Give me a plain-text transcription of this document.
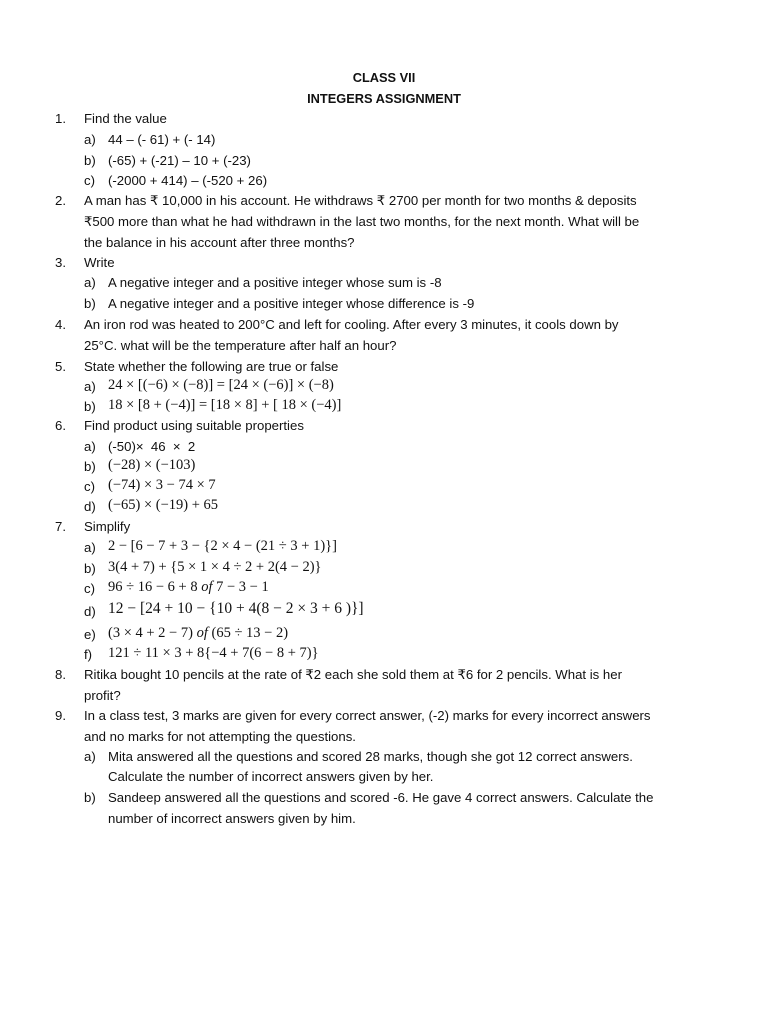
CLASS VII
INTEGERS ASSIGNMENT
1. Find the value
a) 44 – (- 61) + (- 14)
b) (-65) + (-21) – 10 + (-23)
c) (-2000 + 414) – (-520 + 26)
2. A man has ₹ 10,000 in his account. He withdraws ₹ 2700 per month for two months & deposits
₹500 more than what he had withdrawn in the last two months, for the next month. What will be
the balance in his account after three months?
3. Write
a) A negative integer and a positive integer whose sum is -8
b) A negative integer and a positive integer whose difference is -9
4. An iron rod was heated to 200°C and left for cooling. After every 3 minutes, it cools down by
25°C. what will be the temperature after half an hour?
5. State whether the following are true or false
a) 24 × [(−6) × (−8)] = [24 × (−6)] × (−8)
b) 18 × [8 + (−4)] = [18 × 8] + [ 18 × (−4)]
6. Find product using suitable properties
a) (-50)×  46  ×  2
b) (−28) × (−103)
c) (−74) × 3 − 74 × 7
d) (−65) × (−19) + 65
7. Simplify
a) 2 − [6 − 7 + 3 − {2 × 4 − (21 ÷ 3 + 1)}]
b) 3(4 + 7) + {5 × 1 × 4 ÷ 2 + 2(4 − 2)}
c) 96 ÷ 16 − 6 + 8 of 7 − 3 − 1
d) 12 − [24 + 10 − {10 + 4(8 − 2 × 3 + 6 )}]
e) (3 × 4 + 2 − 7) of (65 ÷ 13 − 2)
f) 121 ÷ 11 × 3 + 8{−4 + 7(6 − 8 + 7)}
8. Ritika bought 10 pencils at the rate of ₹2 each she sold them at ₹6 for 2 pencils. What is her
profit?
9. In a class test, 3 marks are given for every correct answer, (-2) marks for every incorrect answers
and no marks for not attempting the questions.
a) Mita answered all the questions and scored 28 marks, though she got 12 correct answers.
Calculate the number of incorrect answers given by her.
b) Sandeep answered all the questions and scored -6. He gave 4 correct answers. Calculate the
number of incorrect answers given by him.
